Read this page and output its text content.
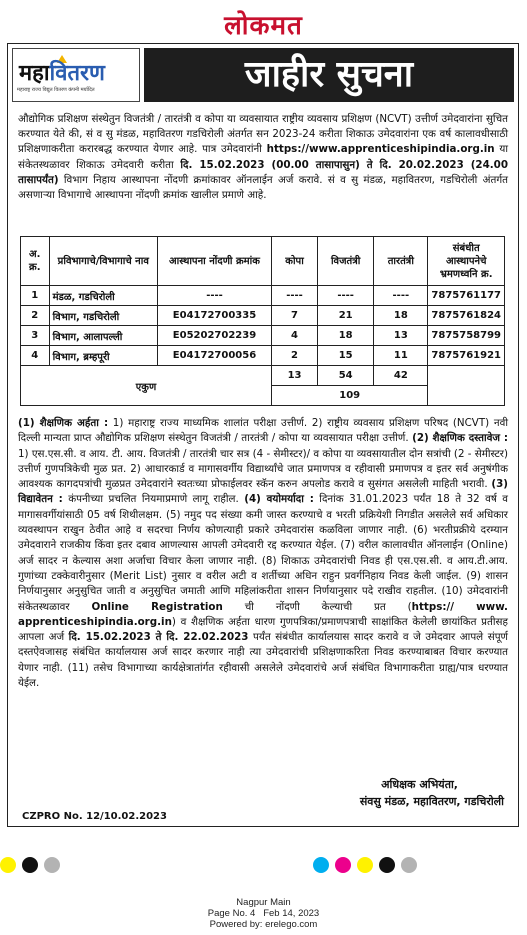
लोकमत
महावितरण
महाराष्ट्र राज्य विद्युत वितरण कंपनी मर्यादित	जाहीर सुचना
औद्योगिक प्रशिक्षण संस्थेतुन विजतंत्री / तारतंत्री व कोपा या व्यवसायात राष्ट्रीय व्यवसाय प्रशिक्षण (NCVT) उत्तीर्ण उमेदवारांना सुचित करण्यात येते की, सं व सु मंडळ, महावितरण गडचिरोली अंतर्गत सन 2023-24 करीता शिकाऊ उमेदवारांना एक वर्ष कालावधीसाठी प्रशिक्षणाकरीता करारबद्ध करण्यात येणार आहे. पात्र उमेदवारांनी https://www.apprenticeshipindia.org.in या संकेतस्थळावर शिकाऊ उमेदवारी करीता दि. 15.02.2023 (00.00 तासापासुन) ते दि. 20.02.2023 (24.00 तासापर्यंत) विभाग निहाय आस्थापना नोंदणी क्रमांकावर ऑनलाईन अर्ज करावे. सं व सु मंडळ, महावितरण, गडचिरोली अंतर्गत असणाऱ्या विभागाचे आस्थापना नोंदणी क्रमांक खालील प्रमाणे आहे.
अ. क्र.	प्रविभागाचे/विभागाचे नाव	आस्थापना नोंदणी क्रमांक	कोपा	विजतंत्री	तारतंत्री	संबंधीत आस्थापनेचे भ्रमणध्वनि क्र.
1	मंडळ, गडचिरोली	----	----	----	----	7875761177
2	विभाग, गडचिरोली	E04172700335	7	21	18	7875761824
3	विभाग, आलापल्ली	E05202702239	4	18	13	7875758799
4	विभाग, ब्रम्हपूरी	E04172700056	2	15	11	7875761921
एकुण			13	54	42	
			109			
(1) शैक्षणिक अर्हता : 1) महाराष्ट्र राज्य माध्यमिक शालांत परीक्षा उत्तीर्ण. 2) राष्ट्रीय व्यवसाय प्रशिक्षण परिषद (NCVT) नवी दिल्ली मान्यता प्राप्त औद्योगिक प्रशिक्षण संस्थेतुन विजतंत्री / तारतंत्री / कोपा या व्यवसायात परीक्षा उत्तीर्ण. (2) शैक्षणिक दस्तावेज : 1) एस.एस.सी. व आय. टी. आय. विजतंत्री / तारतंत्री चार सत्र (4 - सेमीस्टर)/ व कोपा या व्यवसायातील दोन सत्रांची (2 - सेमीस्टर) उत्तीर्ण गुणपत्रिकेची मुळ प्रत. 2) आधारकार्ड व मागासवर्गीय विद्यार्थ्यांचे जात प्रमाणपत्र व रहीवासी प्रमाणपत्र व इतर सर्व अनुषंगीक आवश्यक कागदपत्रांची मुळप्रत उमेदवारांने स्वतःच्या प्रोफाईलवर स्कॅन करुन अपलोड करावे व सुसंगत असलेली माहिती भरावी. (3) विद्यावेतन : कंपनीच्या प्रचलित नियमाप्रमाणे लागू राहील. (4) वयोमर्यादा : दिनांक 31.01.2023 पर्यंत 18 ते 32 वर्ष व मागासवर्गीयांसाठी 05 वर्ष शिथीलक्षम. (5) नमुद पद संख्या कमी जास्त करण्याचे व भरती प्रक्रियेशी निगडीत असलेले सर्व अधिकार व्यवस्थापन राखुन ठेवीत आहे व सदरचा निर्णय कोणत्याही प्रकारे उमेदवारांस कळविला जाणार नाही. (6) भरतीप्रक्रीये दरम्यान उमेदवाराने राजकीय किंवा इतर दबाव आणल्यास आपली उमेदवारी रद्द करण्यात येईल. (7) वरील कालावधीत ऑनलाईन (Online) अर्ज सादर न केल्यास अशा अर्जाचा विचार केला जाणार नाही. (8) शिकाऊ उमेदवारांची निवड ही एस.एस.सी. व आय.टी.आय. गुणांच्या टक्केवारीनुसार (Merit List) नुसार व वरील अटी व शर्तीच्या अधिन राहुन प्रवर्गनिहाय निवड केली जाईल. (9) शासन निर्णयानुसार अनुसुचित जाती व अनुसुचित जमाती आणि महिलांकरीता शासन निर्णयानुसार पदे राखीव राहतील. (10) उमेदवारांनी संकेतस्थळावर Online Registration ची नोंदणी केल्याची प्रत (https:// www. apprenticeshipindia.org.in) व शैक्षणिक अर्हता धारण गुणपत्रिका/प्रमाणपत्राची साक्षांकित केलेली छायांकित प्रतीसह आपला अर्ज दि. 15.02.2023 ते दि. 22.02.2023 पर्यंत संबंधीत कार्यालयास सादर करावे व जे उमेदवार आपले संपूर्ण दस्तऐवजासह संबंधित कार्यालयास अर्ज सादर करणार नाही त्या उमेदवारांची प्रशिक्षणाकरिता निवड करण्याबाबत विचार करण्यात येणार नाही. (11) तसेच विभागाच्या कार्यक्षेत्रातांर्गत रहीवासी असलेले उमेदवारांचे अर्ज संबंधित विभागाकरीता ग्राह्य/पात्र धरण्यात येईल.
अधिक्षक अभियंता,
संवसु मंडळ, महावितरण, गडचिरोली
CZPRO No. 12/10.02.2023
Nagpur Main
Page No. 4   Feb 14, 2023
Powered by: erelego.com
